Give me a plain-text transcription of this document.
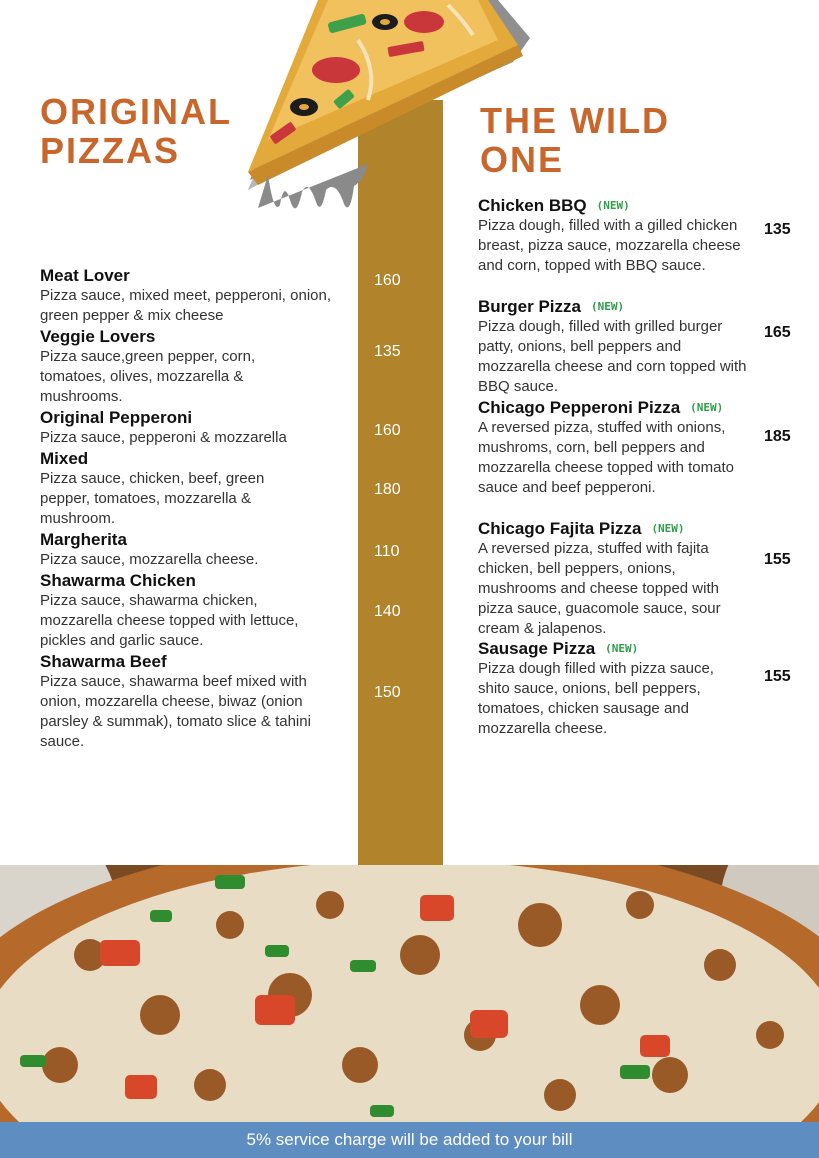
ORIGINAL PIZZAS
THE WILD ONE
Meat Lover
Pizza sauce, mixed meet, pepperoni, onion, green pepper & mix cheese
160
Veggie Lovers
Pizza sauce,green pepper, corn, tomatoes, olives, mozzarella & mushrooms.
135
Original Pepperoni
Pizza sauce, pepperoni & mozzarella	160
Mixed
Pizza sauce, chicken, beef, green pepper, tomatoes, mozzarella & mushroom.
180
Margherita
Pizza sauce, mozzarella cheese.	110
Shawarma Chicken
Pizza sauce, shawarma chicken, mozzarella cheese topped with lettuce, pickles and garlic sauce.
140
Shawarma Beef
Pizza sauce, shawarma beef mixed with onion, mozzarella cheese, biwaz (onion parsley & summak), tomato slice & tahini sauce.
150
Chicken BBQ (NEW)
Pizza dough, filled with a gilled chicken breast, pizza sauce, mozzarella cheese and corn, topped with BBQ sauce.
135
Burger Pizza (NEW)
Pizza dough, filled with grilled burger patty, onions, bell peppers and mozzarella cheese and corn topped with BBQ sauce.
165
Chicago Pepperoni Pizza (NEW)
A reversed pizza, stuffed with onions, mushroms, corn, bell peppers and mozzarella cheese topped with tomato sauce and beef pepperoni.
185
Chicago Fajita Pizza (NEW)
A reversed pizza, stuffed with fajita chicken, bell peppers, onions, mushrooms and cheese topped with pizza sauce, guacomole sauce, sour cream & jalapenos.
155
Sausage Pizza (NEW)
Pizza dough filled with pizza sauce, shito sauce, onions, bell peppers, tomatoes, chicken sausage and mozzarella cheese.
155
5% service charge will be added to your bill
